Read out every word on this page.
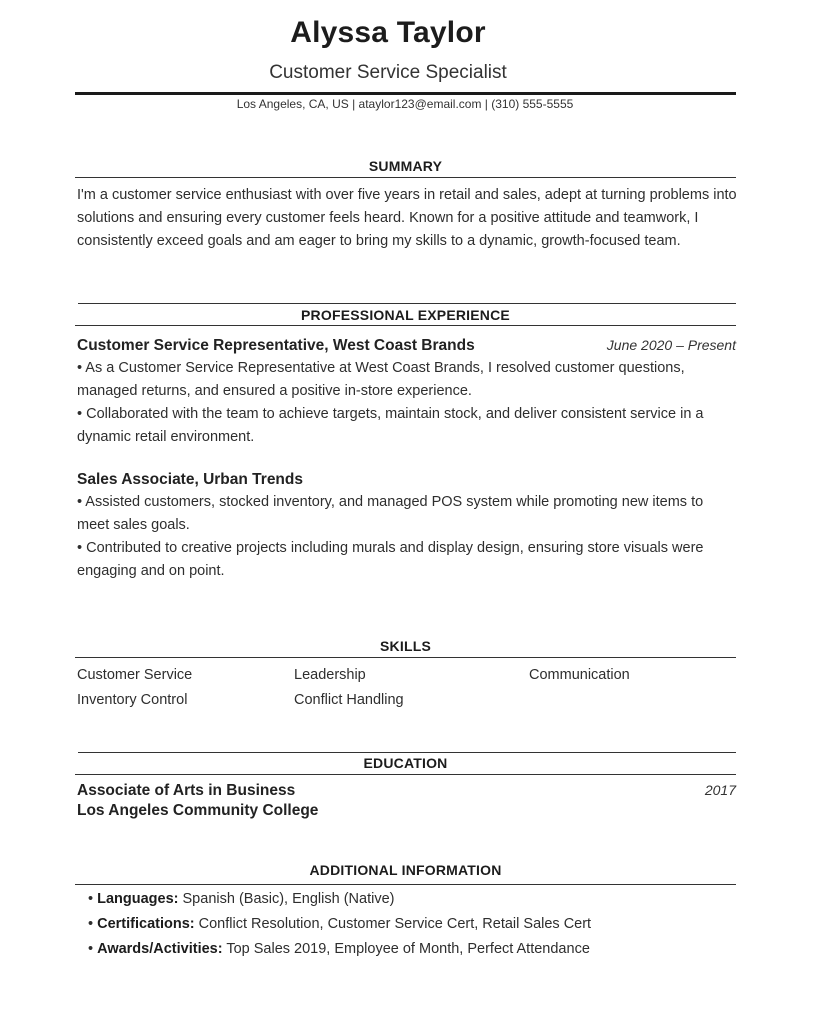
Alyssa Taylor
Customer Service Specialist
Los Angeles, CA, US | ataylor123@email.com | (310) 555-5555
SUMMARY
I'm a customer service enthusiast with over five years in retail and sales, adept at turning problems into solutions and ensuring every customer feels heard. Known for a positive attitude and teamwork, I consistently exceed goals and am eager to bring my skills to a dynamic, growth-focused team.
PROFESSIONAL EXPERIENCE
Customer Service Representative, West Coast Brands	June 2020 – Present
• As a Customer Service Representative at West Coast Brands, I resolved customer questions, managed returns, and ensured a positive in-store experience.
• Collaborated with the team to achieve targets, maintain stock, and deliver consistent service in a dynamic retail environment.
Sales Associate, Urban Trends
• Assisted customers, stocked inventory, and managed POS system while promoting new items to meet sales goals.
• Contributed to creative projects including murals and display design, ensuring store visuals were engaging and on point.
SKILLS
Customer Service	Leadership	Communication
Inventory Control	Conflict Handling
EDUCATION
Associate of Arts in Business	2017
Los Angeles Community College
ADDITIONAL INFORMATION
• Languages: Spanish (Basic), English (Native)
• Certifications: Conflict Resolution, Customer Service Cert, Retail Sales Cert
• Awards/Activities: Top Sales 2019, Employee of Month, Perfect Attendance
